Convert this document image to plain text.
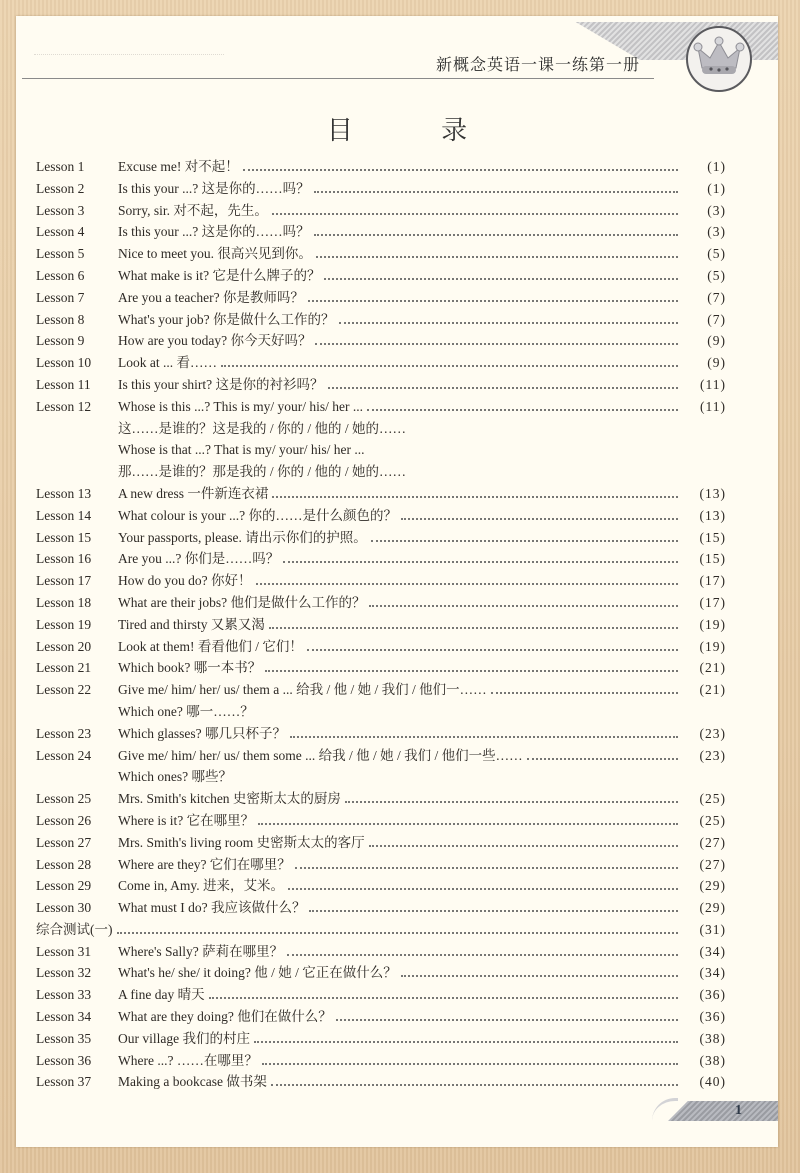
新概念英语一课一练第一册
目 录
Lesson 1	Excuse me! 对不起！	(1)
Lesson 2	Is this your ...? 这是你的……吗？	(1)
Lesson 3	Sorry, sir. 对不起，先生。	(3)
Lesson 4	Is this your ...? 这是你的……吗？	(3)
Lesson 5	Nice to meet you. 很高兴见到你。	(5)
Lesson 6	What make is it? 它是什么牌子的？	(5)
Lesson 7	Are you a teacher? 你是教师吗？	(7)
Lesson 8	What's your job? 你是做什么工作的？	(7)
Lesson 9	How are you today? 你今天好吗？	(9)
Lesson 10	Look at ... 看……	(9)
Lesson 11	Is this your shirt? 这是你的衬衫吗？	(11)
Lesson 12	Whose is this ...? This is my/ your/ his/ her ...	(11)
这……是谁的？这是我的 / 你的 / 他的 / 她的……
Whose is that ...? That is my/ your/ his/ her ...
那……是谁的？那是我的 / 你的 / 他的 / 她的……
Lesson 13	A new dress 一件新连衣裙	(13)
Lesson 14	What colour is your ...? 你的……是什么颜色的？	(13)
Lesson 15	Your passports, please. 请出示你们的护照。	(15)
Lesson 16	Are you ...? 你们是……吗？	(15)
Lesson 17	How do you do? 你好！	(17)
Lesson 18	What are their jobs? 他们是做什么工作的？	(17)
Lesson 19	Tired and thirsty 又累又渴	(19)
Lesson 20	Look at them! 看看他们 / 它们！	(19)
Lesson 21	Which book? 哪一本书？	(21)
Lesson 22	Give me/ him/ her/ us/ them a ... 给我 / 他 / 她 / 我们 / 他们一……	(21)
Which one? 哪一……？
Lesson 23	Which glasses? 哪几只杯子？	(23)
Lesson 24	Give me/ him/ her/ us/ them some ... 给我 / 他 / 她 / 我们 / 他们一些……	(23)
Which ones? 哪些？
Lesson 25	Mrs. Smith's kitchen 史密斯太太的厨房	(25)
Lesson 26	Where is it? 它在哪里？	(25)
Lesson 27	Mrs. Smith's living room 史密斯太太的客厅	(27)
Lesson 28	Where are they? 它们在哪里？	(27)
Lesson 29	Come in, Amy. 进来，艾米。	(29)
Lesson 30	What must I do? 我应该做什么？	(29)
综合测试(一)	(31)
Lesson 31	Where's Sally? 萨莉在哪里？	(34)
Lesson 32	What's he/ she/ it doing? 他 / 她 / 它正在做什么？	(34)
Lesson 33	A fine day 晴天	(36)
Lesson 34	What are they doing? 他们在做什么？	(36)
Lesson 35	Our village 我们的村庄	(38)
Lesson 36	Where ...? ……在哪里？	(38)
Lesson 37	Making a bookcase 做书架	(40)
1
